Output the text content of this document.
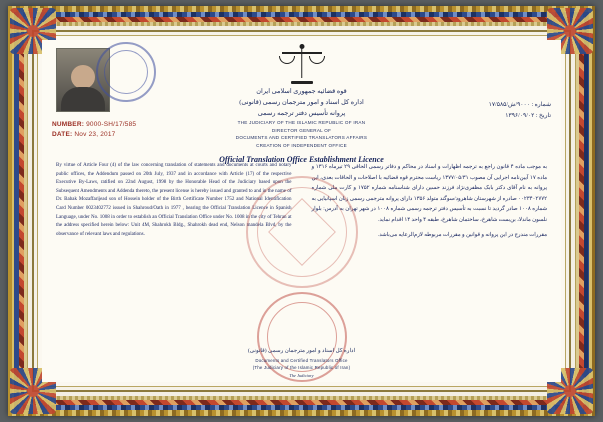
NUMBER: 9000-SH/17/585
DATE: Nov 23, 2017
قوه قضائیه جمهوری اسلامی ایران
اداره کل اسناد و امور مترجمان رسمی (قانونی)
پروانه تأسیس دفتر ترجمه رسمی
THE JUDICIARY OF THE ISLAMIC REPUBLIC OF IRAN
DIRECTOR GENERAL OF
DOCUMENTS AND CERTIFIED TRANSLATORS AFFAIRS
CREATION OF INDEPENDENT OFFICE
Official Translation Office Establishment Licence
شماره : ۹۰۰۰/ش/۱۷/۵۸۵
تاریخ : ۱۳۹۶/۰۹/۰۲

By virtue of Article Four (4) of the law concerning translation of statements and documents at courts and notary public offices, the Addendum passed on 20th July, 1937 and in accordance with Article (17) of the respective Executive By-Laws, ratified on 22nd August, 1998 by the Honorable Head of the Judiciary based upon the Subsequent Amendments and Addenda thereto, the present license is hereby issued and granted to and in the name of Dr. Babak Mozaffarijead son of Hossein holder of the Birth Certificate Number 1752 and National Identification Card Number 0023402772 issued in Shahroud/Oath in 1977 , bearing the Official Translation Licence in Spanish Language, under No. 1008 in order to establish an Official Translation Office under No. 1008 in the city of Tehran at the address specified herein below: Unit 4M, Shahrokh Bldg., Shahrokh dead end, Nelson mandela Blvd, by the observance of relevant laws and regulations.

به موجب ماده ۴ قانون راجع به ترجمه اظهارات و اسناد در محاکم و دفاتر رسمی الحاقی ۲۹ تیرماه ۱۳۱۶ و ماده ۱۷ آیین‌نامه اجرایی آن مصوب ۱۳۷۷/۰۵/۳۱ ریاست محترم قوه قضائیه با اصلاحات و الحاقات بعدی، این پروانه به نام آقای دکتر بابک مظفری‌نژاد فرزند حسین دارای شناسنامه شماره ۱۷۵۲ و کارت ملی شماره ۰۰۲۳۴۰۲۷۷۲ صادره از شهرستان شاهرود/سوگند متولد ۱۳۵۶ دارای پروانه مترجمی رسمی زبان اسپانیایی به شماره ۱۰۰۸ صادر گردید تا نسبت به تأسیس دفتر ترجمه رسمی شماره ۱۰۰۸ در شهر تهران به آدرس: بلوار نلسون ماندلا، بن‌بست شاهرخ، ساختمان شاهرخ، طبقه ۴ واحد ۱۴ اقدام نماید.

مقررات مندرج در این پروانه و قوانین و مقررات مربوطه لازم‌الرعایه می‌باشد.

اداره کل اسناد و امور مترجمان رسمی (قانونی)
Documents and Certified Translators Office
(The Judiciary of the Islamic Republic of Iran)
The Judiciary
